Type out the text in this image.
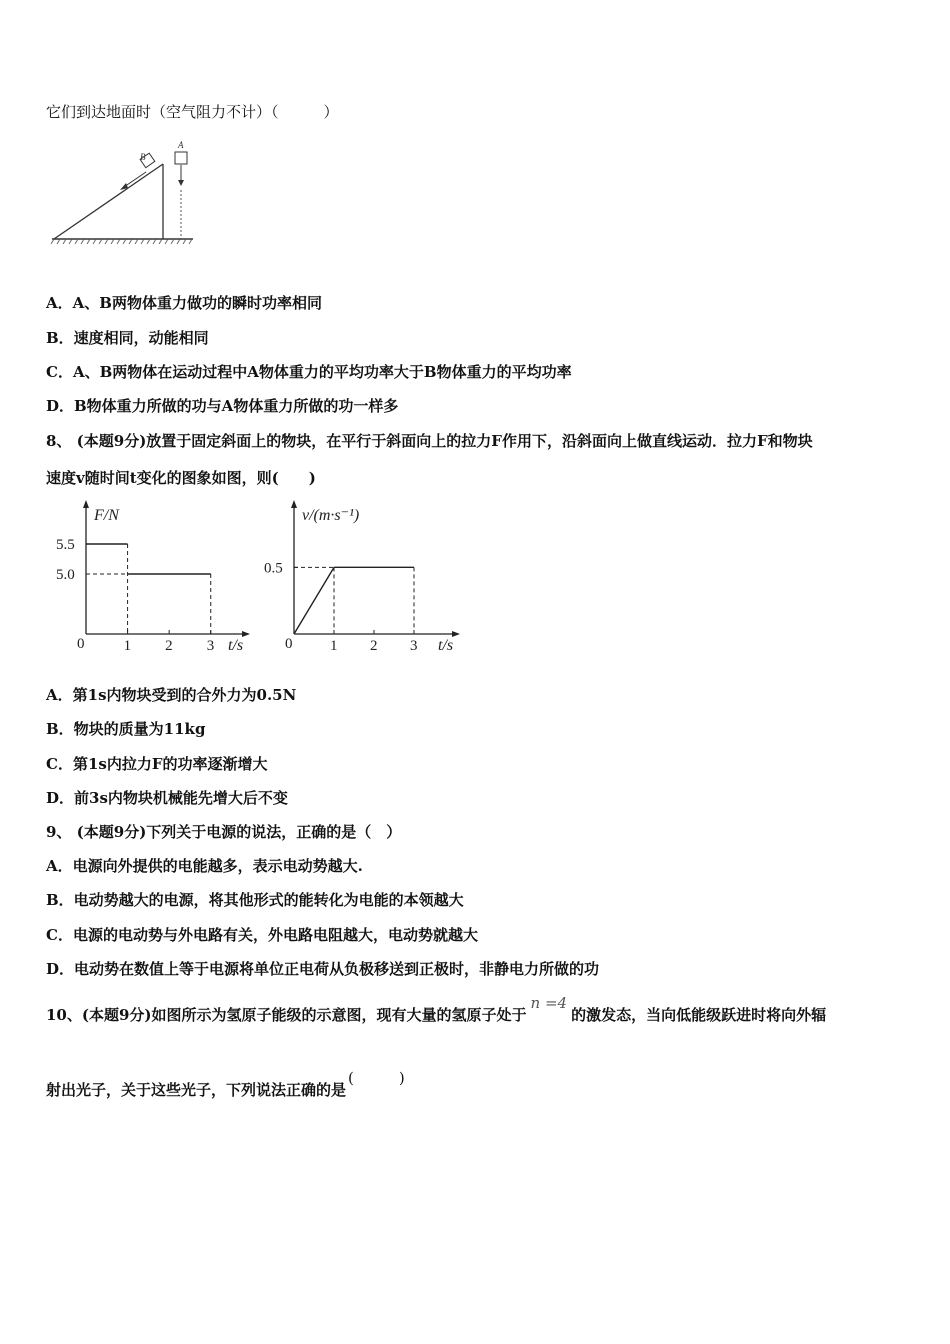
它们到达地面时（空气阻力不计）（　　　）
B
A
A．A、B两物体重力做功的瞬时功率相同
B．速度相同，动能相同
C．A、B两物体在运动过程中A物体重力的平均功率大于B物体重力的平均功率
D．B物体重力所做的功与A物体重力所做的功一样多
8、 (本题9分)放置于固定斜面上的物块，在平行于斜面向上的拉力F作用下，沿斜面向上做直线运动．拉力F和物块
速度v随时间t变化的图象如图，则(　　)
F/N
t/s
0	1 2 3
5.0
5.5
v/(m·s⁻¹)
t/s
0	1 2 3
0.5
A．第1s内物块受到的合外力为0.5N
B．物块的质量为11kg
C．第1s内拉力F的功率逐渐增大
D．前3s内物块机械能先增大后不变
9、 (本题9分)下列关于电源的说法，正确的是（　）
A．电源向外提供的电能越多，表示电动势越大.
B．电动势越大的电源，将其他形式的能转化为电能的本领越大
C．电源的电动势与外电路有关，外电路电阻越大，电动势就越大
D．电动势在数值上等于电源将单位正电荷从负极移送到正极时，非静电力所做的功
10、(本题9分)如图所示为氢原子能级的示意图，现有大量的氢原子处于n =4的激发态，当向低能级跃进时将向外辐
射出光子，关于这些光子，下列说法正确的是(　　　)
